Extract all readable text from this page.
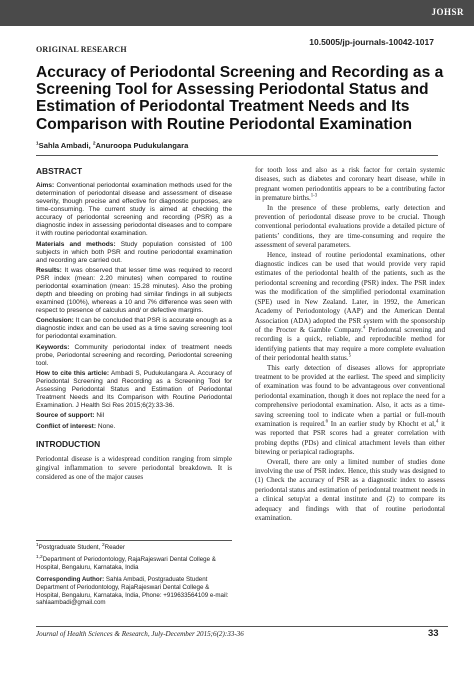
JOHSR
10.5005/jp-journals-10042-1017
ORIGINAL RESEARCH
Accuracy of Periodontal Screening and Recording as a Screening Tool for Assessing Periodontal Status and Estimation of Periodontal Treatment Needs and Its Comparison with Routine Periodontal Examination
$^1$Sahla Ambadi, $^2$Anuroopa Pudukulangara
ABSTRACT

Aims: Conventional periodontal examination methods used for the determination of periodontal disease and assessment of disease severity, though precise and effective for diagnostic purposes, are time-consuming. The current study is aimed at checking the accuracy of periodontal screening and recording (PSR) as a diagnostic index in assessing periodontal diseases and to compare it with routine periodontal examination.

Materials and methods: Study population consisted of 100 subjects in which both PSR and routine periodontal examination and recording are carried out.

Results: It was observed that lesser time was required to record PSR index (mean: 2.20 minutes) when compared to routine periodontal examination (mean: 15.28 minutes). Also the probing depth and bleeding on probing had similar findings in all subjects examined (100%), whereas a 10 and 7% difference was seen with respect to presence of calculus and/ or defective margins.

Conclusion: It can be concluded that PSR is accurate enough as a diagnostic index and can be used as a time saving screening tool for periodontal examination.

Keywords: Community periodontal index of treatment needs probe, Periodontal screening and recording, Periodontal screening tool.

How to cite this article: Ambadi S, Pudukulangara A. Accuracy of Periodontal Screening and Recording as a Screening Tool for Assessing Periodontal Status and Estimation of Periodontal Treatment Needs and Its Comparison with Routine Periodontal Examination. J Health Sci Res 2015;6(2):33-36.

Source of support: Nil

Conflict of interest: None.

INTRODUCTION

Periodontal disease is a widespread condition ranging from simple gingival inflammation to severe periodontal breakdown. It is considered as one of the major causes

for tooth loss and also as a risk factor for certain systemic diseases, such as diabetes and coronary heart disease, while in pregnant women periodontitis appears to be a contributing factor in premature births.$^{1-3}$

In the presence of these problems, early detection and prevention of periodontal disease prove to be crucial. Though conventional periodontal evaluations provide a detailed picture of patients’ conditions, they are time-consuming and require the assessment of several parameters.

Hence, instead of routine periodontal examinations, other diagnostic indices can be used that would provide very rapid estimates of the periodontal health of the patients, such as the periodontal screening and recording (PSR) index. The PSR index was the modification of the simplified periodontal examination (SPE) used in New Zealand. Later, in 1992, the American Academy of Periodontology (AAP) and the American Dental Association (ADA) adopted the PSR system with the sponsorship of the Procter & Gamble Company.$^4$ Periodontal screening and recording is a quick, reliable, and reproducible method for identifying patients that may require a more complete evaluation of their periodontal health status.$^5$

This early detection of diseases allows for appropriate treatment to be provided at the earliest. The speed and simplicity of examination was found to be advantageous over conventional periodontal examination, though it does not replace the need for a comprehensive periodontal examination. Also, it acts as a time-saving screening tool to indicate when a partial or full-mouth examination is required.$^6$ In an earlier study by Khocht et al,$^4$ it was reported that PSR scores had a greater correlation with probing depths (PDs) and clinical attachment levels than either bitewing or periapical radiographs.

Overall, there are only a limited number of studies done involving the use of PSR index. Hence, this study was designed to (1) Check the accuracy of PSR as a diagnostic index to assess periodontal status and estimation of periodontal treatment needs in a clinical setup/at a dental institute and (2) to compare its adequacy and findings with that of routine periodontal examination.

$^1$Postgraduate Student, $^2$Reader

$^{1,2}$Department of Periodontology, RajaRajeswari Dental College & Hospital, Bengaluru, Karnataka, India

Corresponding Author: Sahla Ambadi, Postgraduate Student Department of Periodontology, RajaRajeswari Dental College & Hospital, Bengaluru, Karnataka, India, Phone: +919633564109 e-mail: sahlaambadi@gmail.com

Journal of Health Sciences & Research, July-December 2015;6(2):33-36	33
